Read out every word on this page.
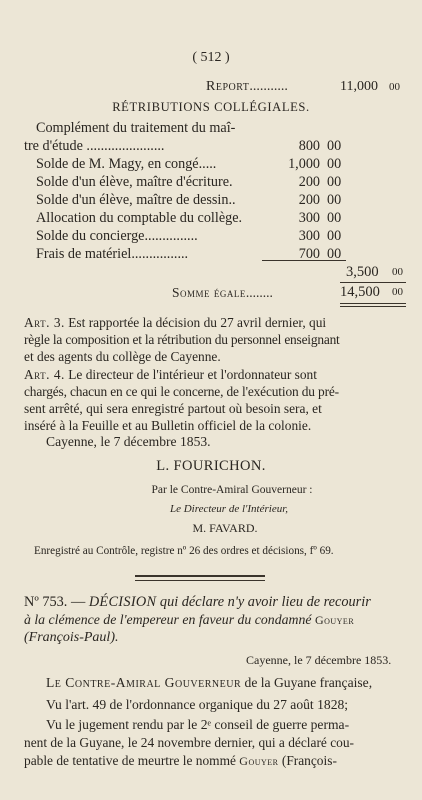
( 512 )
Report...........	11,000 00
RÉTRIBUTIONS COLLÉGIALES.
Complément du traitement du maî-
tre d'étude ......................	800 00
Solde de M. Magy, en congé.....	1,000 00
Solde d'un élève, maître d'écriture.	200 00
Solde d'un élève, maître de dessin..	200 00
Allocation du comptable du collège.	300 00
Solde du concierge...............	300 00
Frais de matériel................	700 00
3,500 00
Somme égale........	14,500 00
Art. 3. Est rapportée la décision du 27 avril dernier, qui
règle la composition et la rétribution du personnel enseignant
et des agents du collège de Cayenne.
Art. 4. Le directeur de l'intérieur et l'ordonnateur sont
chargés, chacun en ce qui le concerne, de l'exécution du pré-
sent arrêté, qui sera enregistré partout où besoin sera, et
inséré à la Feuille et au Bulletin officiel de la colonie.
Cayenne, le 7 décembre 1853.
L. FOURICHON.
Par le Contre-Amiral Gouverneur :
Le Directeur de l'Intérieur,
M. FAVARD.
Enregistré au Contrôle, registre nº 26 des ordres et décisions, fº 69.
Nº 753. — DÉCISION qui déclare n'y avoir lieu de recourir
à la clémence de l'empereur en faveur du condamné Gouyer
(François-Paul).
Cayenne, le 7 décembre 1853.
Le Contre-Amiral Gouverneur de la Guyane française,
Vu l'art. 49 de l'ordonnance organique du 27 août 1828;
Vu le jugement rendu par le 2ᵉ conseil de guerre perma-
nent de la Guyane, le 24 novembre dernier, qui a déclaré cou-
pable de tentative de meurtre le nommé Gouyer (François-
